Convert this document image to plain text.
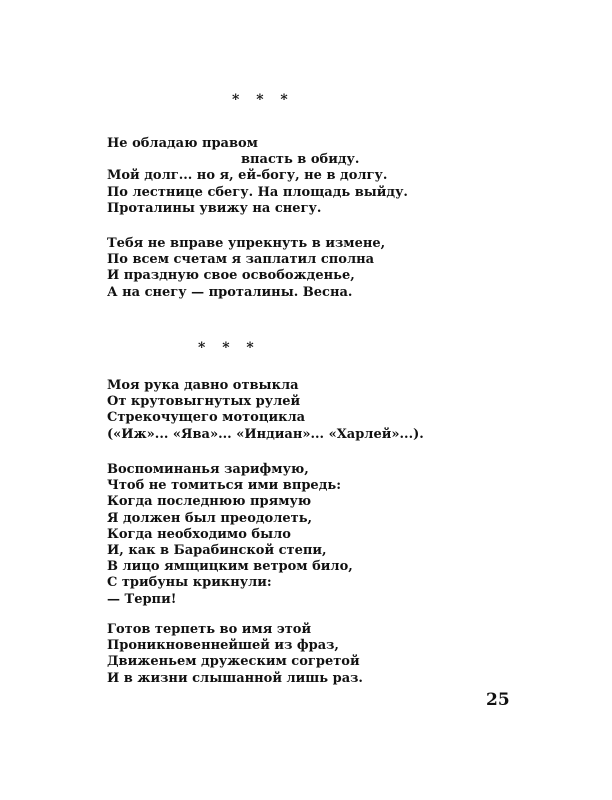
* * *
Не обладаю правом
впасть в обиду.
Мой долг... но я, ей-богу, не в долгу.
По лестнице сбегу. На площадь выйду.
Проталины увижу на снегу.
Тебя не вправе упрекнуть в измене,
По всем счетам я заплатил сполна
И праздную свое освобожденье,
А на снегу — проталины. Весна.
* * *
Моя рука давно отвыкла
От крутовыгнутых рулей
Стрекочущего мотоцикла
(«Иж»... «Ява»... «Индиан»... «Харлей»...).
Воспоминанья зарифмую,
Чтоб не томиться ими впредь:
Когда последнюю прямую
Я должен был преодолеть,
Когда необходимо было
И, как в Барабинской степи,
В лицо ямщицким ветром било,
С трибуны крикнули:
— Терпи!
Готов терпеть во имя этой
Проникновеннейшей из фраз,
Движеньем дружеским согретой
И в жизни слышанной лишь раз.
25
